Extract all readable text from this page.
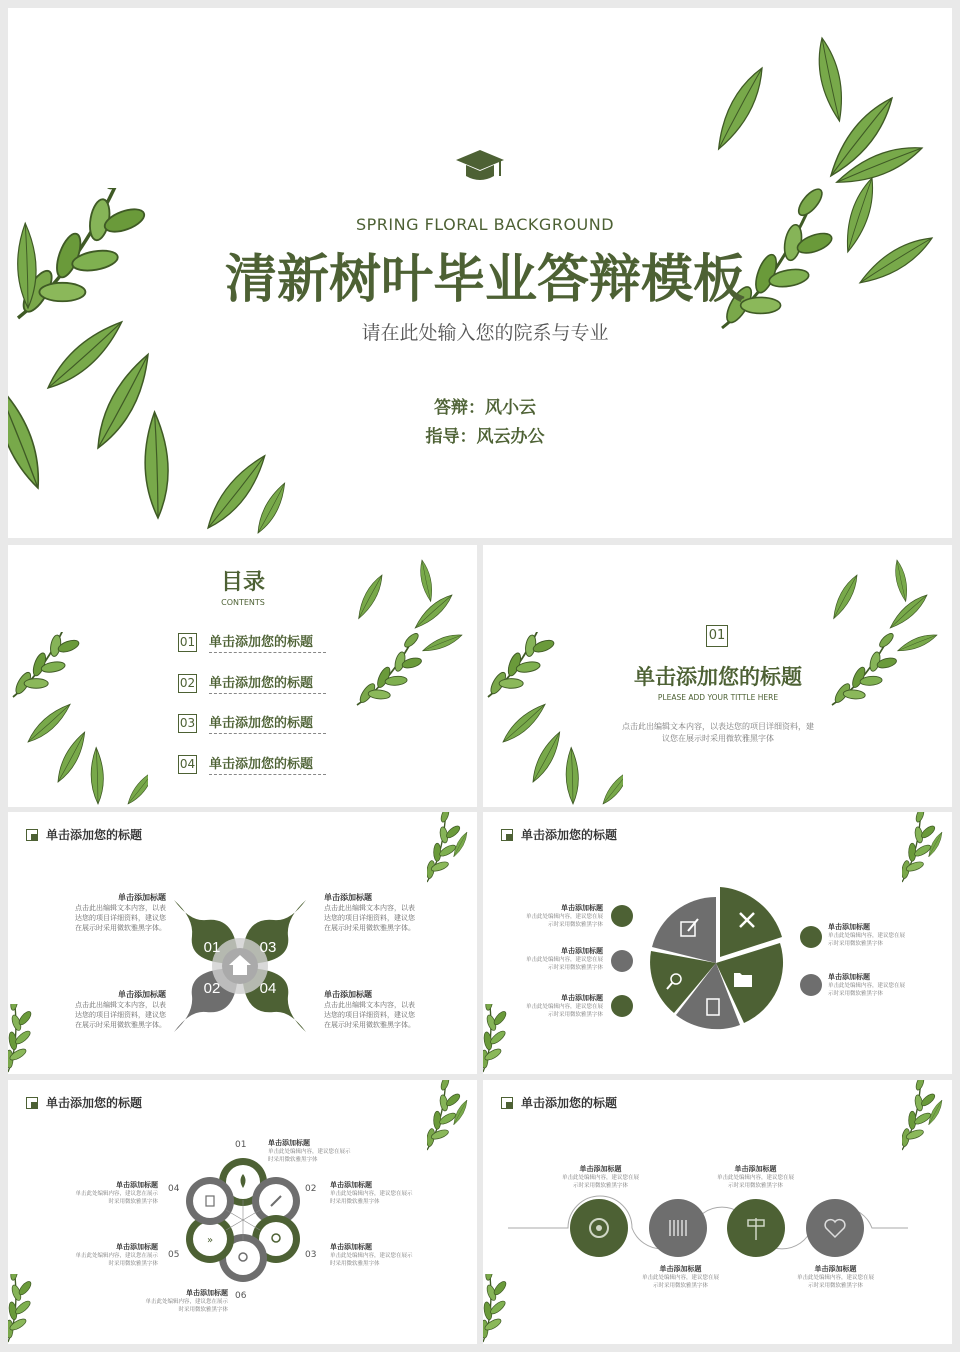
SPRING FLORAL BACKGROUND
清新树叶毕业答辩模板
请在此处输入您的院系与专业
答辩：风小云
指导：风云办公
目录
CONTENTS
01 单击添加您的标题
02 单击添加您的标题
03 单击添加您的标题
04 单击添加您的标题
01
单击添加您的标题
PLEASE ADD YOUR TITTLE HERE
点击此出编辑文本内容，以表达您的项目详细资料，建
议您在展示时采用微软雅黑字体
单击添加您的标题
单击添加标题
点击此出编辑文本内容，以表
达您的项目详细资料，建议您
在展示时采用微软雅黑字体。
单击添加标题
点击此出编辑文本内容，以表
达您的项目详细资料，建议您
在展示时采用微软雅黑字体。
单击添加标题
点击此出编辑文本内容，以表
达您的项目详细资料，建议您
在展示时采用微软雅黑字体。
单击添加标题
点击此出编辑文本内容，以表
达您的项目详细资料，建议您
在展示时采用微软雅黑字体。
01	03
02	04
单击添加您的标题
单击添加标题
单击此处编辑内容，建议您在展
示时采用微软雅黑字体
单击添加标题
单击此处编辑内容，建议您在展
示时采用微软雅黑字体
单击添加标题
单击此处编辑内容，建议您在展
示时采用微软雅黑字体
单击添加标题
单击此处编辑内容，建议您在展
示时采用微软雅黑字体
单击添加标题
单击此处编辑内容，建议您在展
示时采用微软雅黑字体
单击添加您的标题
01
02
03
04
05
06
单击添加标题
单击此处编辑内容，建议您在展示
时采用微软雅黑字体
单击添加标题
单击此处编辑内容，建议您在展示
时采用微软雅黑字体
单击添加标题
单击此处编辑内容，建议您在展示
时采用微软雅黑字体
单击添加标题
单击此处编辑内容，建议您在展示
时采用微软雅黑字体
单击添加标题
单击此处编辑内容，建议您在展示
时采用微软雅黑字体
单击添加标题
单击此处编辑内容，建议您在展示
时采用微软雅黑字体
»
单击添加您的标题
单击添加标题
单击此处编辑内容，建议您在展
示时采用微软雅黑字体
单击添加标题
单击此处编辑内容，建议您在展
示时采用微软雅黑字体
单击添加标题
单击此处编辑内容，建议您在展
示时采用微软雅黑字体
单击添加标题
单击此处编辑内容，建议您在展
示时采用微软雅黑字体
